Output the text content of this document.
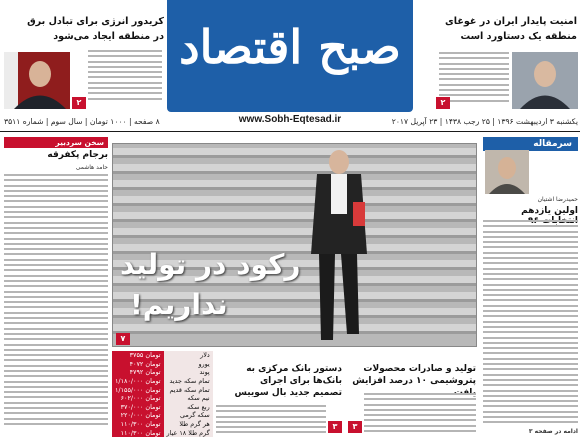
صبح اقتصاد
www.Sobh-Eqtesad.ir
امنیت پایدار ایران در غوغای
منطقه یک دستاورد است
۲
کریدور انرژی برای تبادل برق
در منطقه ایجاد می‌شود
۲
یکشنبه ۳ اردیبهشت ۱۳۹۶ | ۲۵ رجب ۱۴۳۸ | ۲۳ آپریل ۲۰۱۷
۸ صفحه | ۱۰۰۰ تومان | سال سوم | شماره ۳۵۱۱
سخن سردبیر
برجام پکفرقه
حامد هاشمی
سرمقاله
حمیدرضا اشتیان
اولین یازدهم
رکود در تولید
نداریم!
۷
۳۷۵۵ تومان	دلار
۴۰۷۲ تومان	یورو
۴۷۹۲ تومان	پوند
۱/۱۸۰/۰۰۰ تومان	تمام سکه جدید
۱/۱۵۵/۰۰۰ تومان	تمام سکه قدیم
۶۰۲/۰۰۰ تومان	نیم سکه
۳۷۰/۰۰۰ تومان	ربع سکه
۲۲۰/۰۰۰ تومان	سکه گرمی
۱۱۰/۳۰۰ تومان	هر گرم طلا
۱۱۰/۳۰۰ تومان	گرم طلا ۱۸ عیار
دستور بانک مرکزی به
بانک‌ها برای اجرای
تصمیم جدید بال سوییس
۳
تولید و صادرات محصولات
پتروشیمی ۱۰ درصد افزایش
۳
ادامه در صفحه ۳
